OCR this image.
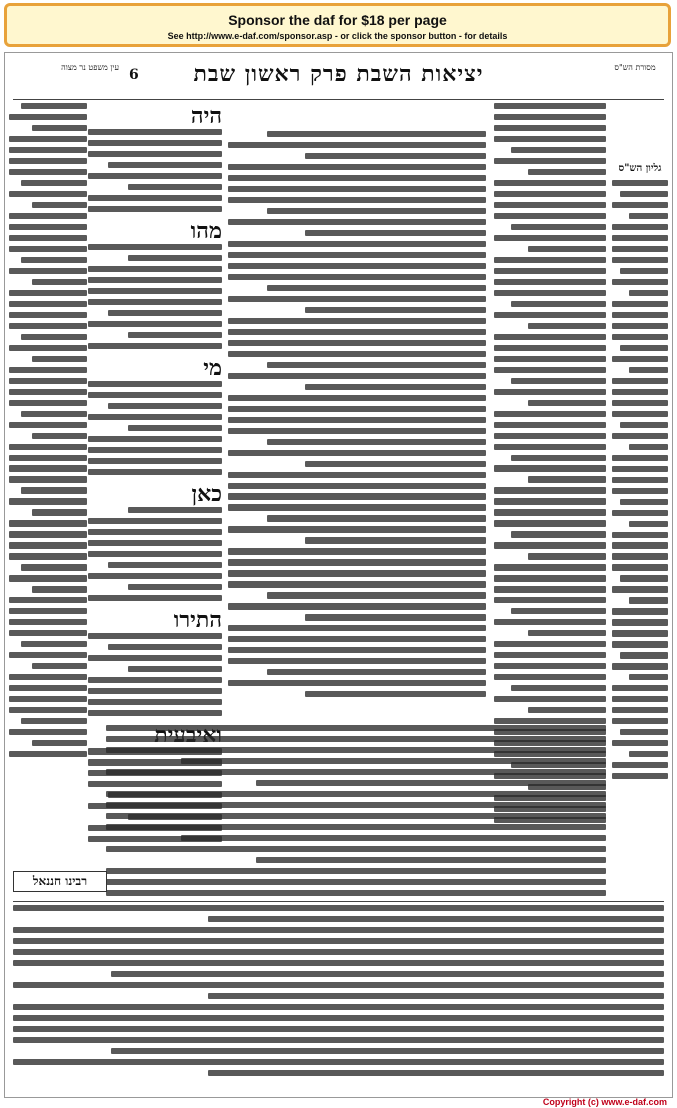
Sponsor the daf for $18 per page
See http://www.e-daf.com/sponsor.asp - or click the sponsor button - for details
מסורת הש"ס
יציאות השבת פרק ראשון שבת
6
עין משפט נר מצוה
גליון הש"ס
היה
מהו
מי
כאן
התירו
רבינו חננאל
Copyright (c) www.e-daf.com
